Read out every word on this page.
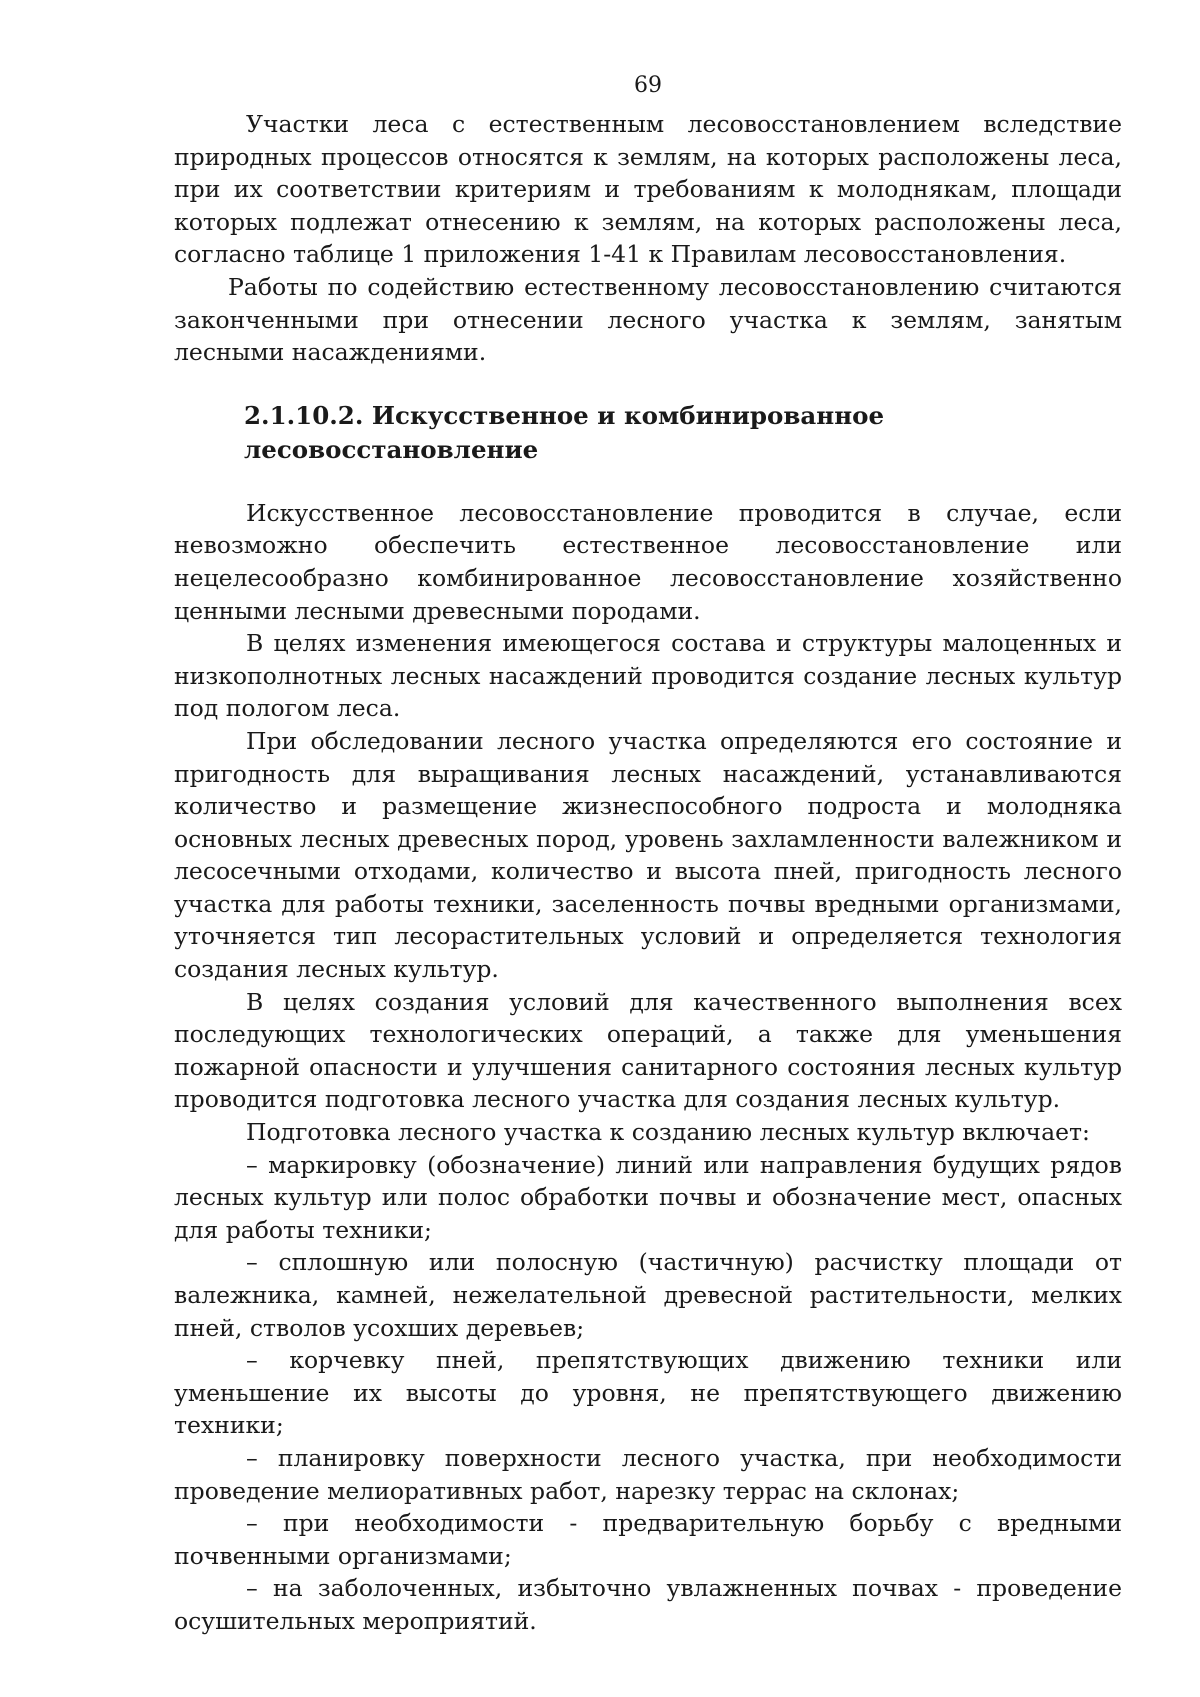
69

Участки леса с естественным лесовосстановлением вследствие природных процессов относятся к землям, на которых расположены леса, при их соответствии критериям и требованиям к молоднякам, площади которых подлежат отнесению к землям, на которых расположены леса, согласно таблице 1 приложения 1-41 к Правилам лесовосстановления.

Работы по содействию естественному лесовосстановлению считаются законченными при отнесении лесного участка к землям, занятым лесными насаждениями.

2.1.10.2. Искусственное и комбинированное лесовосстановление

Искусственное лесовосстановление проводится в случае, если невозможно обеспечить естественное лесовосстановление или нецелесообразно комбинированное лесовосстановление хозяйственно ценными лесными древесными породами.

В целях изменения имеющегося состава и структуры малоценных и низкополнотных лесных насаждений проводится создание лесных культур под пологом леса.

При обследовании лесного участка определяются его состояние и пригодность для выращивания лесных насаждений, устанавливаются количество и размещение жизнеспособного подроста и молодняка основных лесных древесных пород, уровень захламленности валежником и лесосечными отходами, количество и высота пней, пригодность лесного участка для работы техники, заселенность почвы вредными организмами, уточняется тип лесорастительных условий и определяется технология создания лесных культур.

В целях создания условий для качественного выполнения всех последующих технологических операций, а также для уменьшения пожарной опасности и улучшения санитарного состояния лесных культур проводится подготовка лесного участка для создания лесных культур.

Подготовка лесного участка к созданию лесных культур включает:

– маркировку (обозначение) линий или направления будущих рядов лесных культур или полос обработки почвы и обозначение мест, опасных для работы техники;

– сплошную или полосную (частичную) расчистку площади от валежника, камней, нежелательной древесной растительности, мелких пней, стволов усохших деревьев;

– корчевку пней, препятствующих движению техники или уменьшение их высоты до уровня, не препятствующего движению техники;

– планировку поверхности лесного участка, при необходимости проведение мелиоративных работ, нарезку террас на склонах;

– при необходимости - предварительную борьбу с вредными почвенными организмами;

– на заболоченных, избыточно увлажненных почвах - проведение осушительных мероприятий.
